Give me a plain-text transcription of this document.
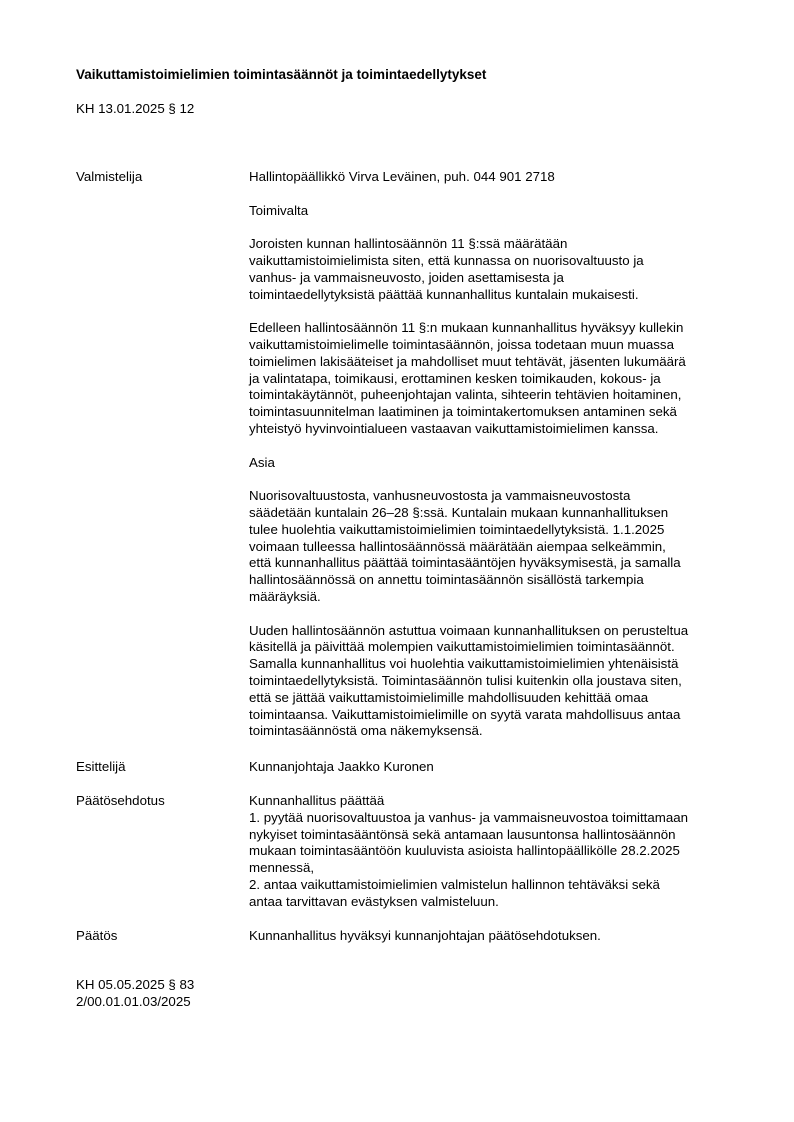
Vaikuttamistoimielimien toimintasäännöt ja toimintaedellytykset
KH 13.01.2025 § 12
Valmistelija	Hallintopäällikkö Virva Leväinen, puh. 044 901 2718

Toimivalta

Joroisten kunnan hallintosäännön 11 §:ssä määrätään
vaikuttamistoimielimista siten, että kunnassa on nuorisovaltuusto ja
vanhus- ja vammaisneuvosto, joiden asettamisesta ja
toimintaedellytyksistä päättää kunnanhallitus kuntalain mukaisesti.

Edelleen hallintosäännön 11 §:n mukaan kunnanhallitus hyväksyy kullekin
vaikuttamistoimielimelle toimintasäännön, joissa todetaan muun muassa
toimielimen lakisääteiset ja mahdolliset muut tehtävät, jäsenten lukumäärä
ja valintatapa, toimikausi, erottaminen kesken toimikauden, kokous- ja
toimintakäytännöt, puheenjohtajan valinta, sihteerin tehtävien hoitaminen,
toimintasuunnitelman laatiminen ja toimintakertomuksen antaminen sekä
yhteistyö hyvinvointialueen vastaavan vaikuttamistoimielimen kanssa.

Asia

Nuorisovaltuustosta, vanhusneuvostosta ja vammaisneuvostosta
säädetään kuntalain 26–28 §:ssä. Kuntalain mukaan kunnanhallituksen
tulee huolehtia vaikuttamistoimielimien toimintaedellytyksistä. 1.1.2025
voimaan tulleessa hallintosäännössä määrätään aiempaa selkeämmin,
että kunnanhallitus päättää toimintasääntöjen hyväksymisestä, ja samalla
hallintosäännössä on annettu toimintasäännön sisällöstä tarkempia
määräyksiä.

Uuden hallintosäännön astuttua voimaan kunnanhallituksen on perusteltua
käsitellä ja päivittää molempien vaikuttamistoimielimien toimintasäännöt.
Samalla kunnanhallitus voi huolehtia vaikuttamistoimielimien yhtenäisistä
toimintaedellytyksistä. Toimintasäännön tulisi kuitenkin olla joustava siten,
että se jättää vaikuttamistoimielimille mahdollisuuden kehittää omaa
toimintaansa. Vaikuttamistoimielimille on syytä varata mahdollisuus antaa
toimintasäännöstä oma näkemyksensä.

Esittelijä	Kunnanjohtaja Jaakko Kuronen

Päätösehdotus	Kunnanhallitus päättää
1. pyytää nuorisovaltuustoa ja vanhus- ja vammaisneuvostoa toimittamaan
nykyiset toimintasääntönsä sekä antamaan lausuntonsa hallintosäännön
mukaan toimintasääntöön kuuluvista asioista hallintopäällikölle 28.2.2025
mennessä,
2. antaa vaikuttamistoimielimien valmistelun hallinnon tehtäväksi sekä
antaa tarvittavan evästyksen valmisteluun.

Päätös	Kunnanhallitus hyväksyi kunnanjohtajan päätösehdotuksen.

KH 05.05.2025 § 83
2/00.01.01.03/2025
